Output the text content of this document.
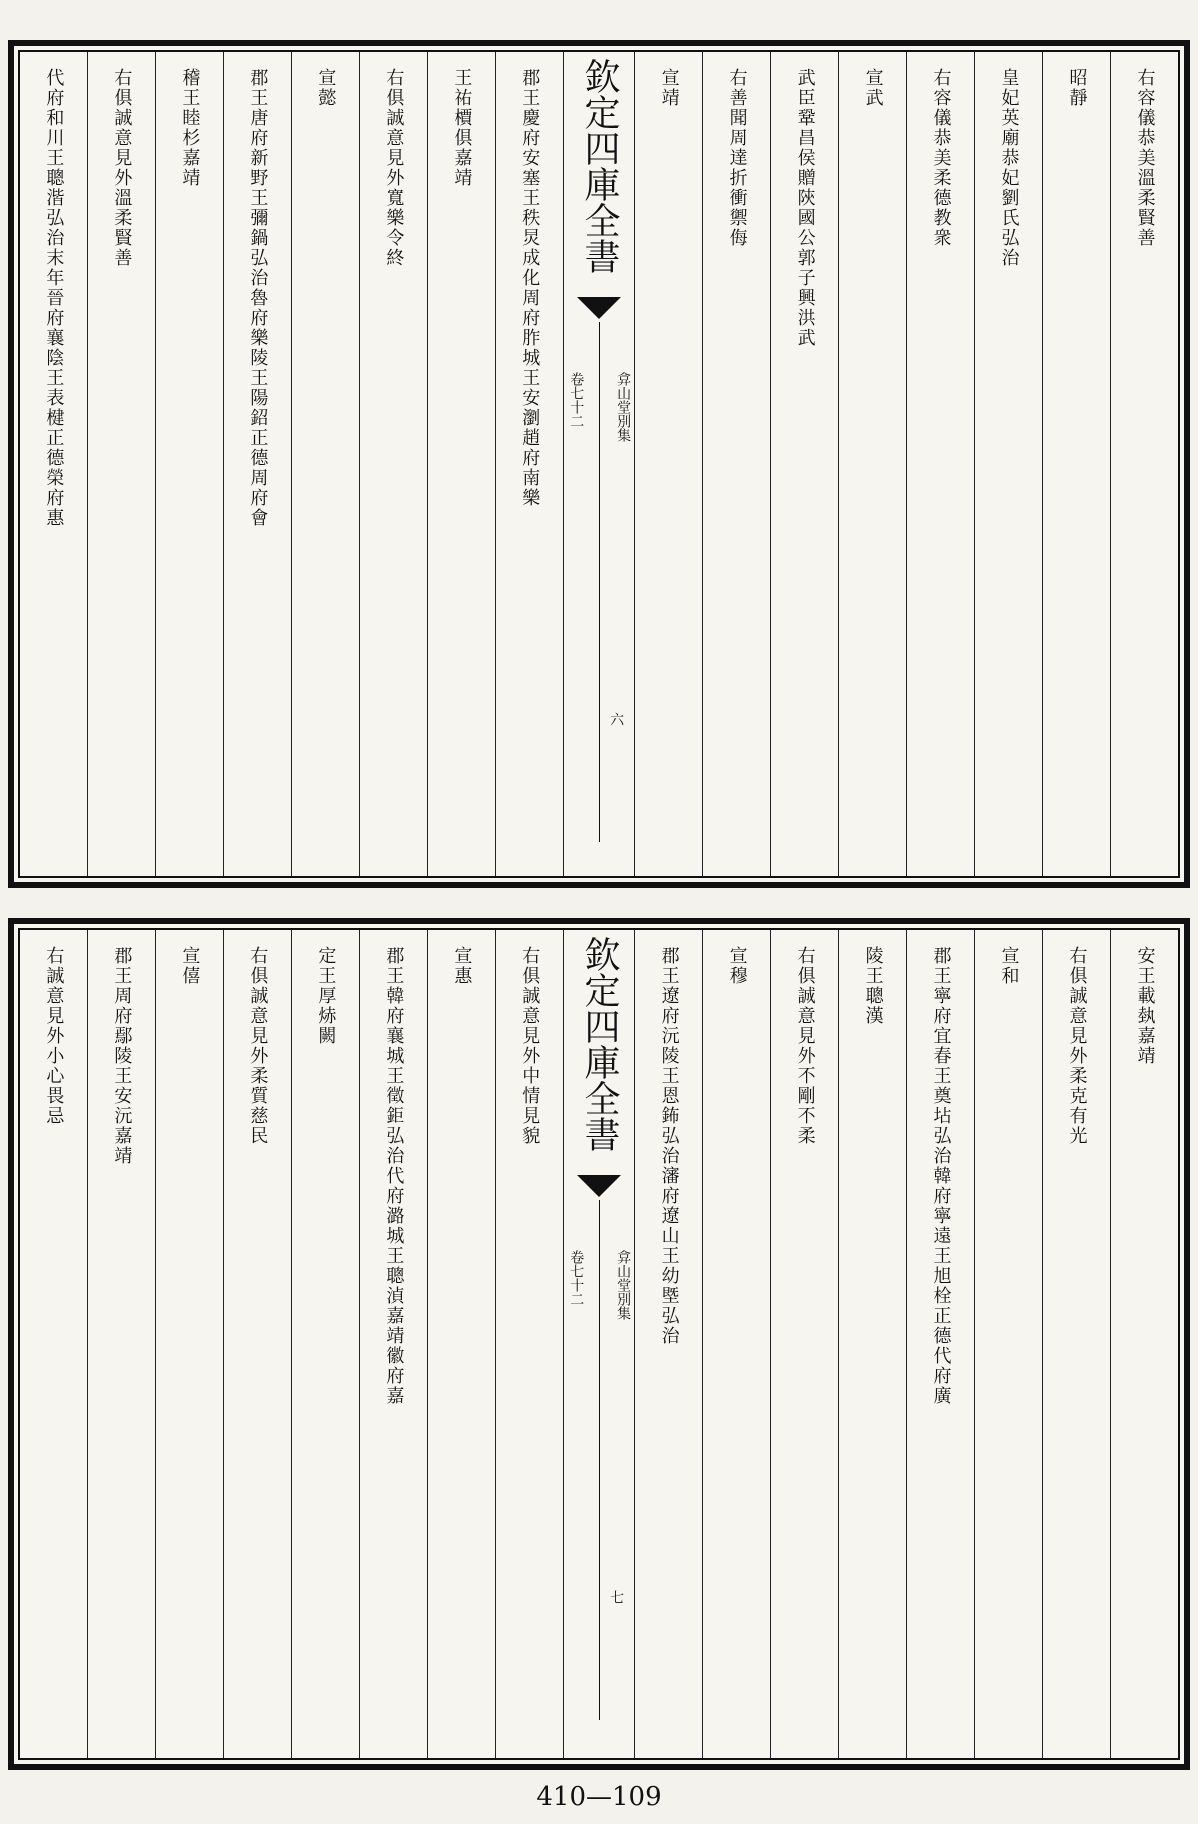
右容儀恭美溫柔賢善
昭靜
皇妃英廟恭妃劉氏弘治
右容儀恭美柔德教衆
宣武
武臣鞏昌侯贈陝國公郭子興洪武
右善聞周達折衝禦侮
宣靖
欽定四庫全書
弇山堂別集
卷七十二
六
郡王慶府安塞王秩炅成化周府胙城王安瀏趙府南樂
王祐檟俱嘉靖
右俱誠意見外寬樂令終
宣懿
郡王唐府新野王彌鍋弘治魯府樂陵王陽鉊正德周府會
稽王睦杉嘉靖
右俱誠意見外溫柔賢善
代府和川王聰湝弘治末年晉府襄陰王表楗正德榮府惠
安王載埶嘉靖
右俱誠意見外柔克有光
宣和
郡王寧府宜春王奠坫弘治韓府寧遠王旭栓正德代府廣
陵王聰漢
右俱誠意見外不剛不柔
宣穆
郡王遼府沅陵王恩鈽弘治瀋府遼山王幼塈弘治
欽定四庫全書
弇山堂別集
卷七十二
七
右俱誠意見外中情見貌
宣惠
郡王韓府襄城王徵鉅弘治代府潞城王聰湞嘉靖徽府嘉
定王厚焃闕
右俱誠意見外柔質慈民
宣僖
郡王周府鄢陵王安沅嘉靖
右誠意見外小心畏忌
410—109
